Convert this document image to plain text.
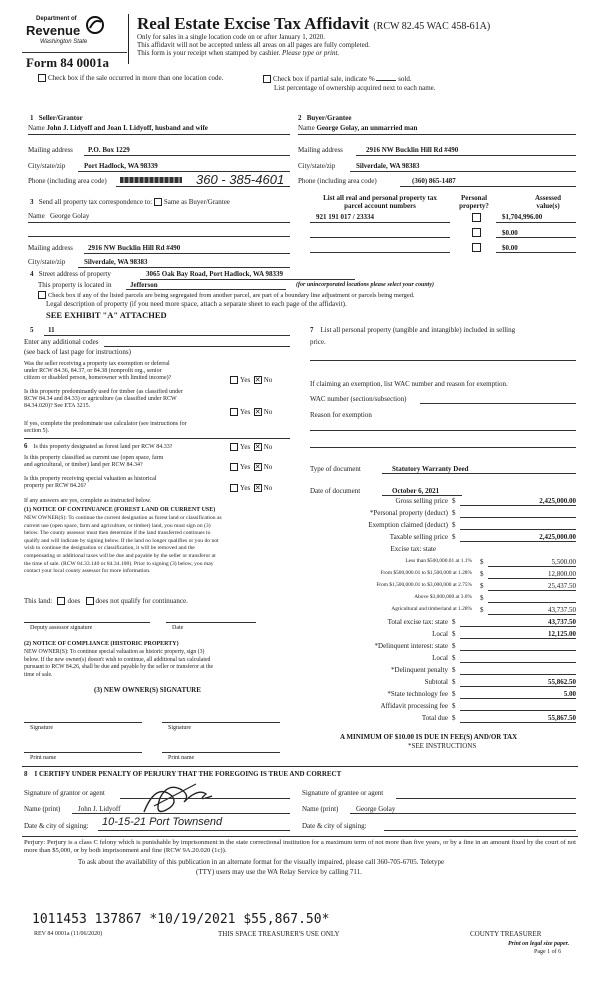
Department of
Revenue
Washington State
Form 84 0001a
Real Estate Excise Tax Affidavit (RCW 82.45 WAC 458-61A)
Only for sales in a single location code on or after January 1, 2020.
This affidavit will not be accepted unless all areas on all pages are fully completed.
This form is your receipt when stamped by cashier. Please type or print.
Check box if the sale occurred in more than one location code.	Check box if partial sale, indicate %	sold.
List percentage of ownership acquired next to each name.
1 Seller/Grantor
Name John J. Lidyoff and Joan I. Lidyoff, husband and wife
2 Buyer/Grantee
Name George Golay, an unmarried man
Mailing address P.O. Box 1229
City/state/zip	Port Hadlock, WA 98339
Phone (including area code)	360 - 385-4601
Mailing address	2916 NW Bucklin Hill Rd #490
City/state/zip	Silverdale, WA 98383
Phone (including area code)	(360) 865-1487
3 Send all property tax correspondence to: Same as Buyer/Grantee
Name George Golay
Mailing address 2916 NW Bucklin Hill Rd #490
City/state/zip	Silverdale, WA 98383
List all real and personal property tax
parcel account numbers
Personal
property?
Assessed
value(s)
921 191 017 / 23334	$1,704,996.00
$0.00
$0.00
4 Street address of property	3065 Oak Bay Road, Port Hadlock, WA 98339
This property is located in	Jefferson	(for unincorporated locations please select your county)
Check box if any of the listed parcels are being segregated from another parcel, are part of a boundary line adjustment or parcels being merged.
Legal description of property (if you need more space, attach a separate sheet to each page of the affidavit).
SEE EXHIBIT "A" ATTACHED
5 11
Enter any additional codes
(see back of last page for instructions)
Was the seller receiving a property tax exemption or deferral
under RCW 84.36, 84.37, or 84.38 (nonprofit org., senior
citizen or disabled person, homeowner with limited income)?	Yes ✕ No
Is this property predominantly used for timber (as classified under
RCW 84.34 and 84.33) or agriculture (as classified under RCW
84.34.020)? See ETA 3215.
Yes ✕ No
If yes, complete the predominate use calculator (see instructions for
section 5).
6 Is this property designated as forest land per RCW 84.33?	Yes ✕ No
Is this property classified as current use (open space, farm
and agricultural, or timber) land per RCW 84.34?	Yes ✕ No
Is this property receiving special valuation as historical
property per RCW 84.26?	Yes ✕ No
If any answers are yes, complete as instructed below.
(1) NOTICE OF CONTINUANCE (FOREST LAND OR CURRENT USE)
NEW OWNER(S): To continue the current designation as forest land or classification as
current use (open space, farm and agriculture, or timber) land, you must sign on (3)
below. The county assessor must then determine if the land transferred continues to
qualify and will indicate by signing below. If the land no longer qualifies or you do not
wish to continue the designation or classification, it will be removed and the
compensating or additional taxes will be due and payable by the seller or transferor at
the time of sale. (RCW 84.33.140 or 84.34.108). Prior to signing (3) below, you may
contact your local county assessor for more information.
This land: does does not qualify for continuance.
Deputy assessor signature	Date
(2) NOTICE OF COMPLIANCE (HISTORIC PROPERTY)
NEW OWNER(S): To continue special valuation as historic property, sign (3)
below. If the new owner(s) doesn't wish to continue, all additional tax calculated
pursuant to RCW 84.26, shall be due and payable by the seller or transferor at the
time of sale.
(3) NEW OWNER(S) SIGNATURE
Signature	Signature
Print name	Print name
7 List all personal property (tangible and intangible) included in selling
price.
If claiming an exemption, list WAC number and reason for exemption.
WAC number (section/subsection)
Reason for exemption
Type of document	Statutory Warranty Deed
Date of document	October 6, 2021
Gross selling price $	2,425,000.00
*Personal property (deduct) $
Exemption claimed (deduct) $
Taxable selling price $	2,425,000.00
Excise tax: state
Less than $500,000.01 at 1.1% $	5,500.00
From $500,000.01 to $1,500,000 at 1.28% $	12,800.00
From $1,500,000.01 to $3,000,000 at 2.75% $	25,437.50
Above $3,000,000 at 3.0% $
Agricultural and timberland at 1.28% $	43,737.50
Total excise tax: state $	43,737.50
Local $	12,125.00
*Delinquent interest: state $
Local $
*Delinquent penalty $
Subtotal $	55,862.50
*State technology fee $	5.00
Affidavit processing fee $
Total due $	55,867.50
A MINIMUM OF $10.00 IS DUE IN FEE(S) AND/OR TAX
*SEE INSTRUCTIONS
8 I CERTIFY UNDER PENALTY OF PERJURY THAT THE FOREGOING IS TRUE AND CORRECT
Signature of grantor or agent	Signature of grantee or agent
Name (print)	John J. Lidyoff	Name (print)	George Golay
Date & city of signing: 10-15-21 Port Townsend	Date & city of signing:
Perjury: Perjury is a class C felony which is punishable by imprisonment in the state correctional institution for a maximum term of not more than five years, or by a fine in an amount fixed by the court of not more than $5,000, or by both imprisonment and fine (RCW 9A.20.020 (1c)).
To ask about the availability of this publication in an alternate format for the visually impaired, please call 360-705-6705. Teletype
(TTY) users may use the WA Relay Service by calling 711.
1011453 137867 *10/19/2021 $55,867.50*
REV 84 0001a (11/06/2020)	THIS SPACE TREASURER'S USE ONLY	COUNTY TREASURER
Print on legal size paper.
Page 1 of 6
